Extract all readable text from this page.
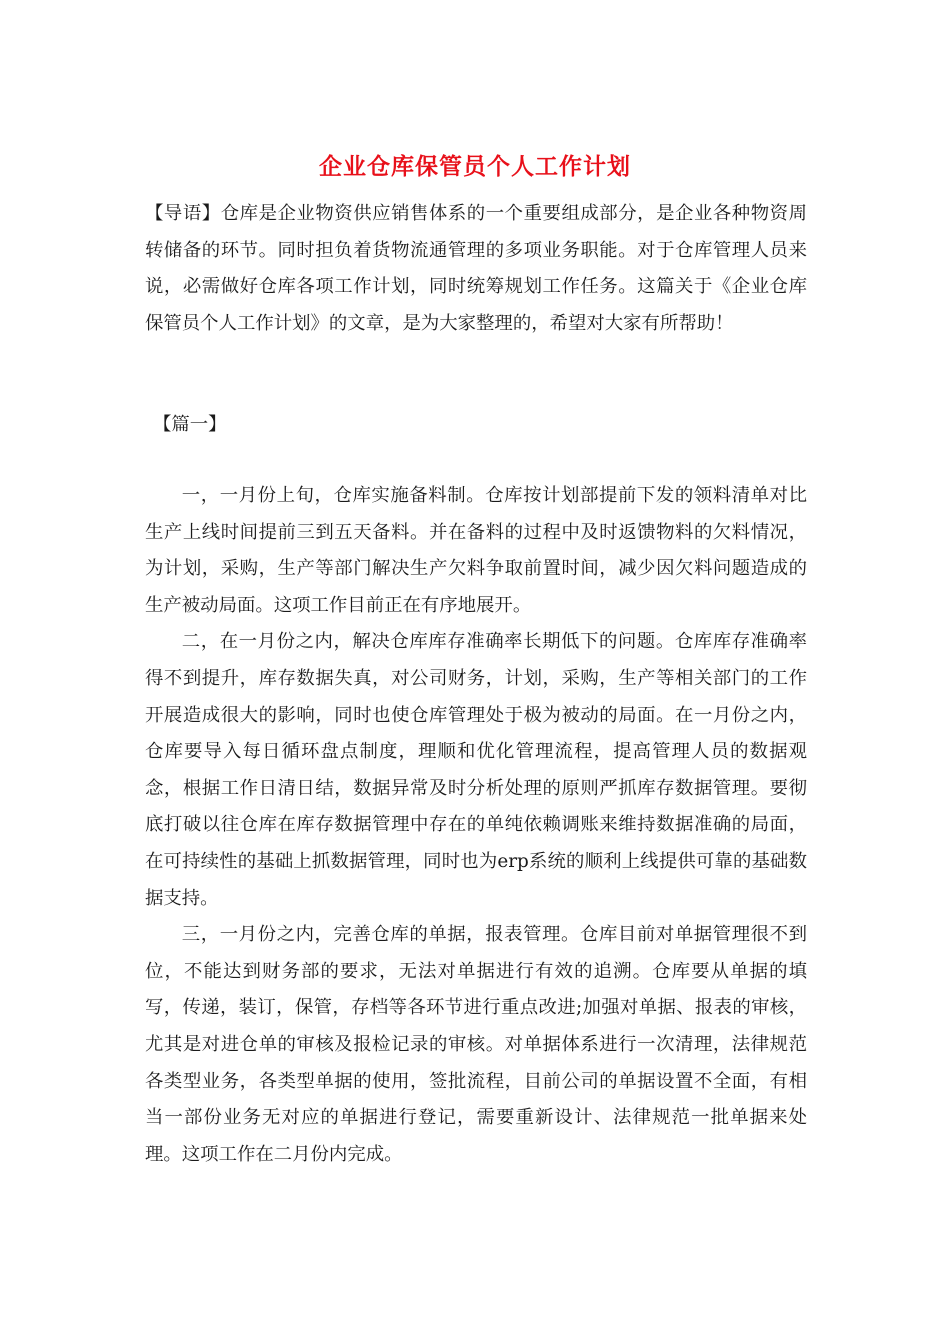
企业仓库保管员个人工作计划
【导语】仓库是企业物资供应销售体系的一个重要组成部分，是企业各种物资周转储备的环节。同时担负着货物流通管理的多项业务职能。对于仓库管理人员来说，必需做好仓库各项工作计划，同时统筹规划工作任务。这篇关于《企业仓库保管员个人工作计划》的文章，是为大家整理的，希望对大家有所帮助！
【篇一】

一，一月份上旬，仓库实施备料制。仓库按计划部提前下发的领料清单对比生产上线时间提前三到五天备料。并在备料的过程中及时返馈物料的欠料情况，为计划，采购，生产等部门解决生产欠料争取前置时间，减少因欠料问题造成的生产被动局面。这项工作目前正在有序地展开。

二，在一月份之内，解决仓库库存准确率长期低下的问题。仓库库存准确率得不到提升，库存数据失真，对公司财务，计划，采购，生产等相关部门的工作开展造成很大的影响，同时也使仓库管理处于极为被动的局面。在一月份之内，仓库要导入每日循环盘点制度，理顺和优化管理流程，提高管理人员的数据观念，根据工作日清日结，数据异常及时分析处理的原则严抓库存数据管理。要彻底打破以往仓库在库存数据管理中存在的单纯依赖调账来维持数据准确的局面，在可持续性的基础上抓数据管理，同时也为erp系统的顺利上线提供可靠的基础数据支持。

三，一月份之内，完善仓库的单据，报表管理。仓库目前对单据管理很不到位，不能达到财务部的要求，无法对单据进行有效的追溯。仓库要从单据的填写，传递，装订，保管，存档等各环节进行重点改进;加强对单据、报表的审核，尤其是对进仓单的审核及报检记录的审核。对单据体系进行一次清理，法律规范各类型业务，各类型单据的使用，签批流程，目前公司的单据设置不全面，有相当一部份业务无对应的单据进行登记，需要重新设计、法律规范一批单据来处理。这项工作在二月份内完成。
